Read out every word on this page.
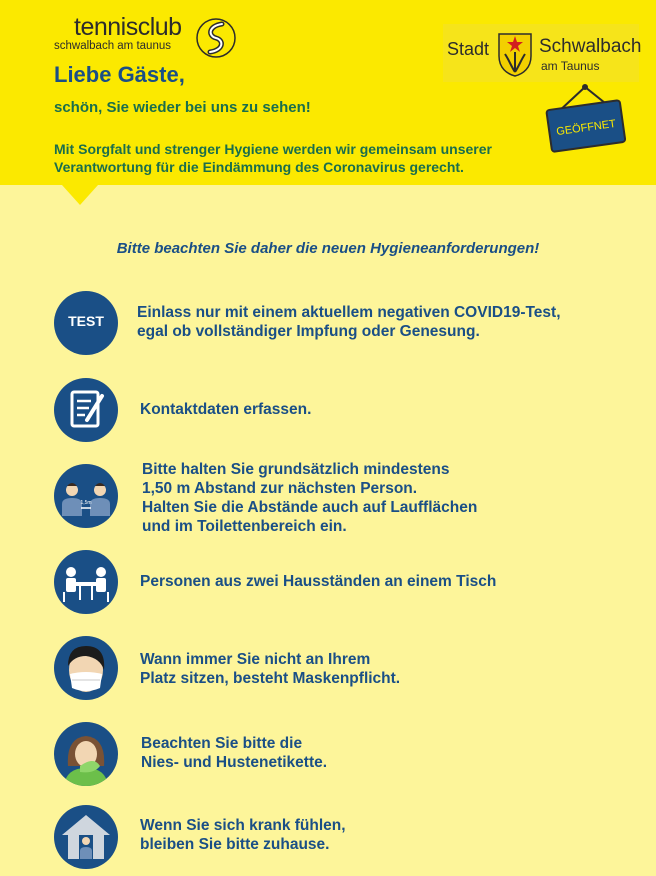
tennisclub
schwalbach am taunus	Stadt	Schwalbach
am Taunus
GEÖFFNET
Liebe Gäste,
schön, Sie wieder bei uns zu sehen!
Mit Sorgfalt und strenger Hygiene werden wir gemeinsam unserer Verantwortung für die Eindämmung des Coronavirus gerecht.
Bitte beachten Sie daher die neuen Hygieneanforderungen!
TEST	Einlass nur mit einem aktuellem negativen COVID19-Test,
egal ob vollständiger Impfung oder Genesung.
Kontaktdaten erfassen.
1,5m
Bitte halten Sie grundsätzlich mindestens
1,50 m Abstand zur nächsten Person.
Halten Sie die Abstände auch auf Laufflächen
und im Toilettenbereich ein.
Personen aus zwei Hausständen an einem Tisch
Wann immer Sie nicht an Ihrem
Platz sitzen, besteht Maskenpflicht.
Beachten Sie bitte die
Nies- und Hustenetikette.
Wenn Sie sich krank fühlen,
bleiben Sie bitte zuhause.
